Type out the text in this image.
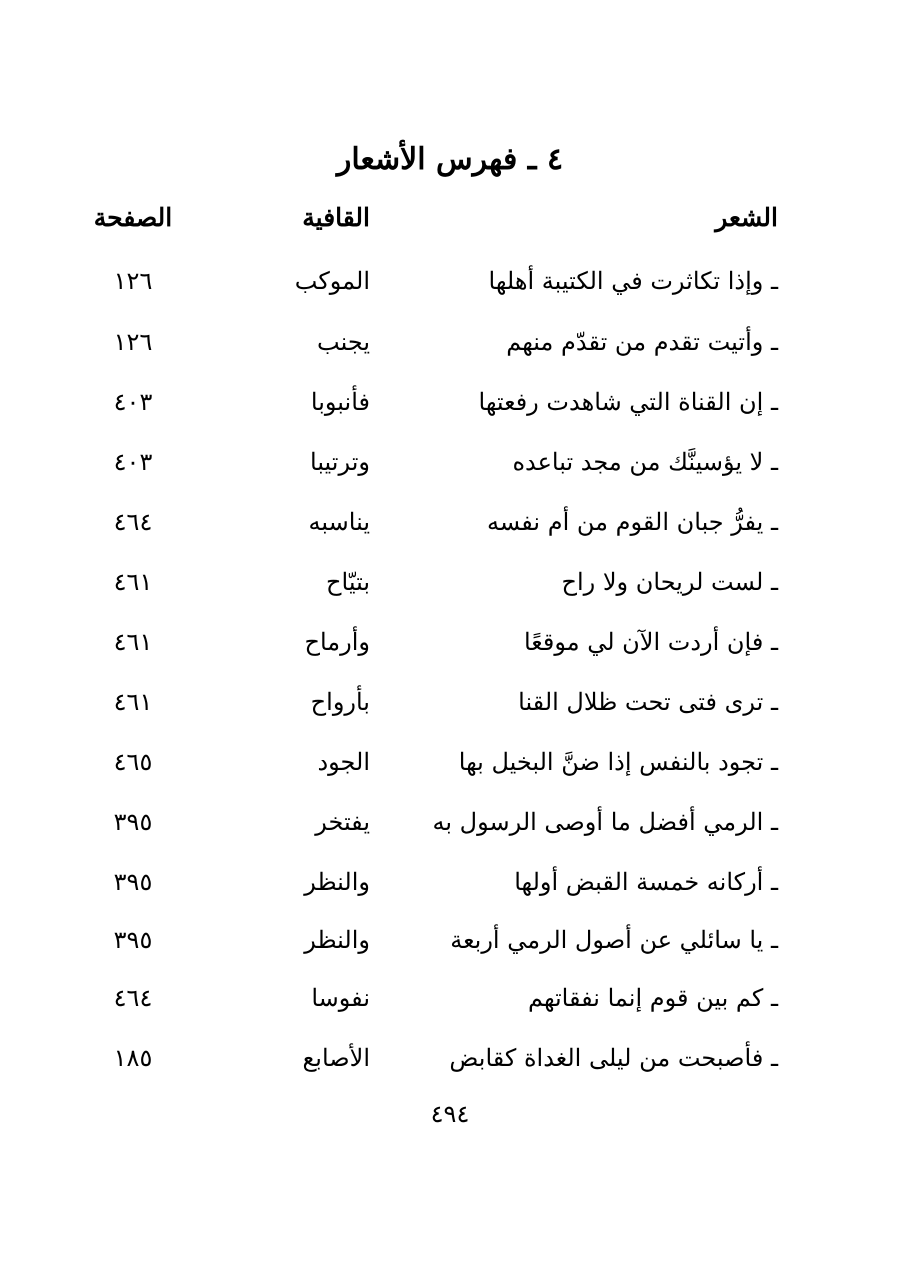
٤ ـ فهرس الأشعار
الشعر
القافية
الصفحة
ـ وإذا تكاثرت في الكتيبة أهلها
الموكب
١٢٦
ـ وأتيت تقدم من تقدّم منهم
يجنب
١٢٦
ـ إن القناة التي شاهدت رفعتها
فأنبوبا
٤٠٣
ـ لا يؤسينَّك من مجد تباعده
وترتيبا
٤٠٣
ـ يفرُّ جبان القوم من أم نفسه
يناسبه
٤٦٤
ـ لست لريحان ولا راح
بتيّاح
٤٦١
ـ فإن أردت الآن لي موقعًا
وأرماح
٤٦١
ـ ترى فتى تحت ظلال القنا
بأرواح
٤٦١
ـ تجود بالنفس إذا ضنَّ البخيل بها
الجود
٤٦٥
ـ الرمي أفضل ما أوصى الرسول به
يفتخر
٣٩٥
ـ أركانه خمسة القبض أولها
والنظر
٣٩٥
ـ يا سائلي عن أصول الرمي أربعة
والنظر
٣٩٥
ـ كم بين قوم إنما نفقاتهم
نفوسا
٤٦٤
ـ فأصبحت من ليلى الغداة كقابض
الأصابع
١٨٥
٤٩٤
